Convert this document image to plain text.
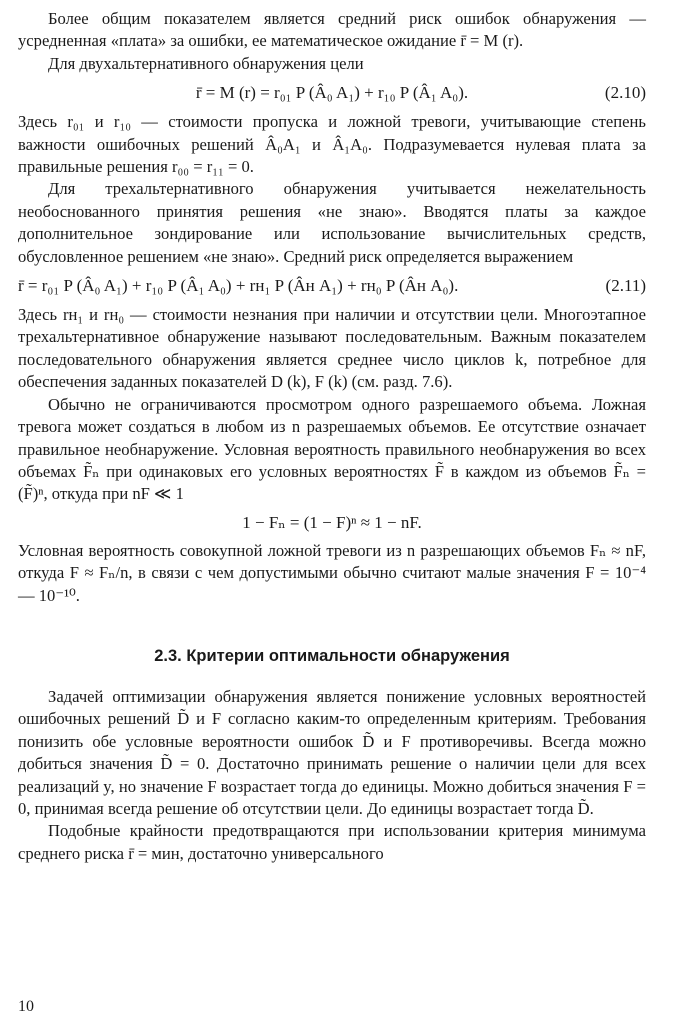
Более общим показателем является средний риск ошибок обнаружения — усредненная «плата» за ошибки, ее математическое ожидание r̄ = M (r).

Для двухальтернативного обнаружения цели

r̄ = M (r) = r₀₁ P (Â₀ A₁) + r₁₀ P (Â₁ A₀).	(2.10)

Здесь r₀₁ и r₁₀ — стоимости пропуска и ложной тревоги, учитывающие степень важности ошибочных решений Â₀A₁ и Â₁A₀. Подразумевается нулевая плата за правильные решения r₀₀ = r₁₁ = 0.

Для трехальтернативного обнаружения учитывается нежелательность необоснованного принятия решения «не знаю». Вводятся платы за каждое дополнительное зондирование или использование вычислительных средств, обусловленное решением «не знаю». Средний риск определяется выражением

r̄ = r₀₁ P (Â₀ A₁) + r₁₀ P (Â₁ A₀) + rн₁ P (Âн A₁) + rн₀ P (Âн A₀).	(2.11)

Здесь rн₁ и rн₀ — стоимости незнания при наличии и отсутствии цели. Многоэтапное трехальтернативное обнаружение называют последовательным. Важным показателем последовательного обнаружения является среднее число циклов k, потребное для обеспечения заданных показателей D (k), F (k) (см. разд. 7.6).

Обычно не ограничиваются просмотром одного разрешаемого объема. Ложная тревога может создаться в любом из n разрешаемых объемов. Ее отсутствие означает правильное необнаружение. Условная вероятность правильного необнаружения во всех объемах F̃ₙ при одинаковых его условных вероятностях F̃ в каждом из объемов F̃ₙ = (F̃)ⁿ, откуда при nF ≪ 1

1 − Fₙ = (1 − F)ⁿ ≈ 1 − nF.

Условная вероятность совокупной ложной тревоги из n разрешающих объемов Fₙ ≈ nF, откуда F ≈ Fₙ/n, в связи с чем допустимыми обычно считают малые значения F = 10⁻⁴ — 10⁻¹⁰.

2.3. Критерии оптимальности обнаружения

Задачей оптимизации обнаружения является понижение условных вероятностей ошибочных решений D̃ и F согласно каким-то определенным критериям. Требования понизить обе условные вероятности ошибок D̃ и F противоречивы. Всегда можно добиться значения D̃ = 0. Достаточно принимать решение о наличии цели для всех реализаций y, но значение F возрастает тогда до единицы. Можно добиться значения F = 0, принимая всегда решение об отсутствии цели. До единицы возрастает тогда D̃.

Подобные крайности предотвращаются при использовании критерия минимума среднего риска r̄ = мин, достаточно универсального

10
